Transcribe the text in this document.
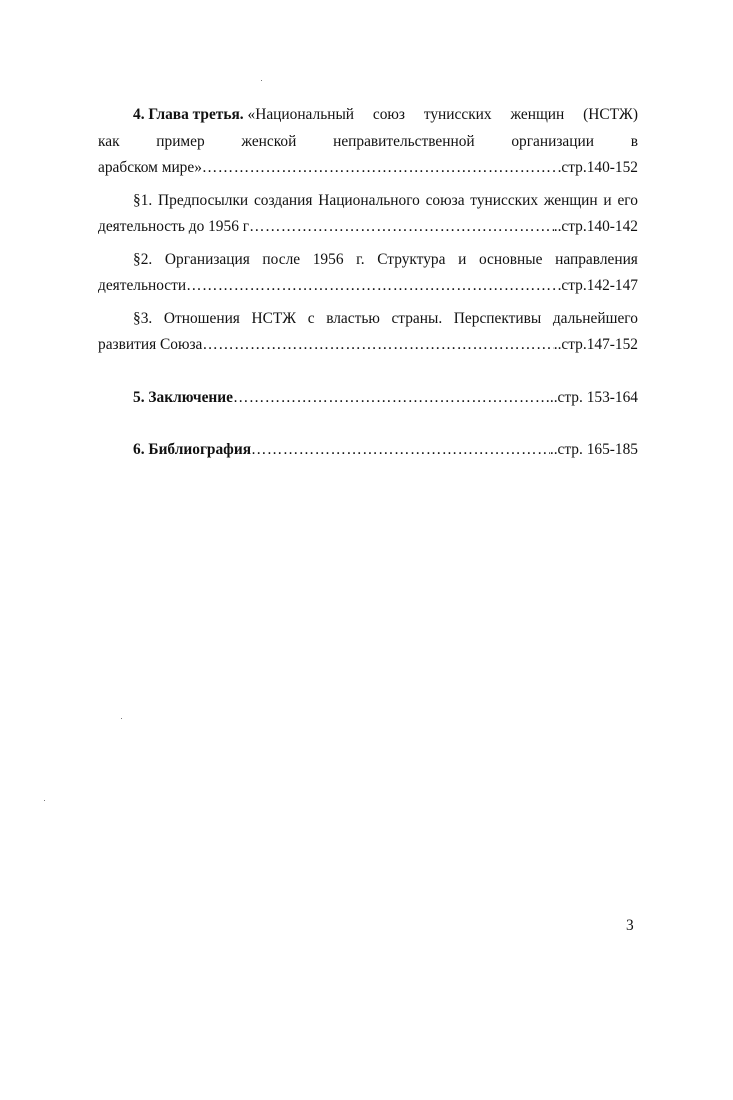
4. Глава третья. «Национальный союз тунисских женщин (НСТЖ)
как пример женской неправительственной организации в
арабском мире» …………………………………………………………………………………………………………………………………………………………………………	.стр.140-152
§1. Предпосылки создания Национального союза тунисских женщин и его
деятельность до 1956 г …………………………………………………………………………………………………………………………………………………………………………	..стр.140-142
§2. Организация после 1956 г. Структура и основные направления
деятельности …………………………………………………………………………………………………………………………………………………………………………	.стр.142-147
§3. Отношения НСТЖ с властью страны. Перспективы дальнейшего
развития Союза …………………………………………………………………………………………………………………………………………………………………………	..стр.147-152
5. Заключение …………………………………………………………………………………………………………………………………………………………………………	..стр. 153-164
6. Библиография …………………………………………………………………………………………………………………………………………………………………………	..стр. 165-185
3
